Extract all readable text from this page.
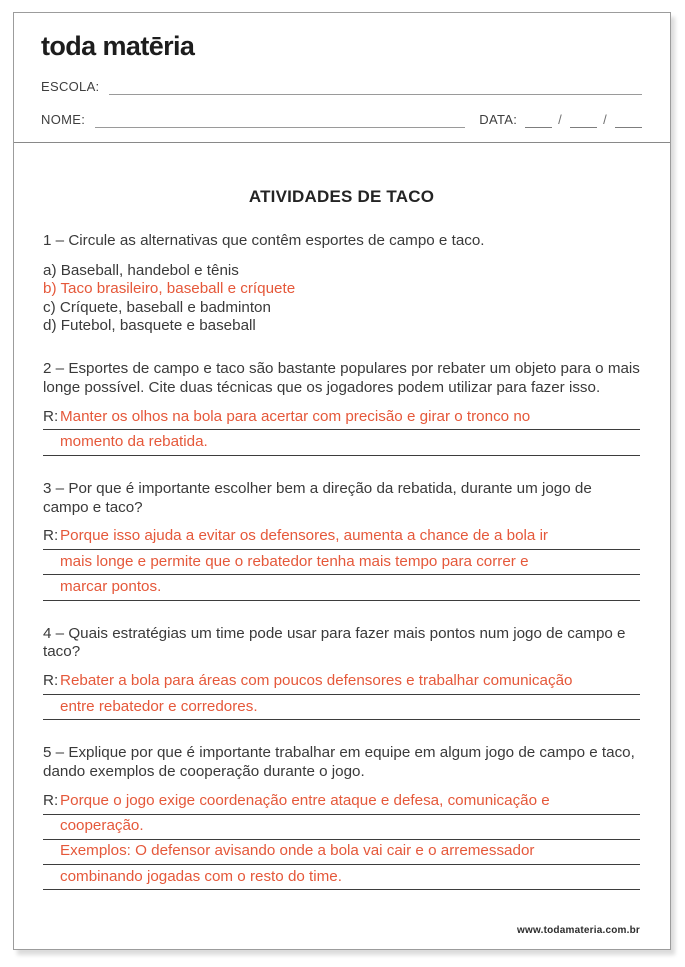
toda matēria
ESCOLA:
NOME:	DATA:	/	/
ATIVIDADES DE TACO
1 – Circule as alternativas que contêm esportes de campo e taco.
a) Baseball, handebol e tênis
b) Taco brasileiro, baseball e críquete
c) Críquete, baseball e badminton
d) Futebol, basquete e baseball
2 – Esportes de campo e taco são bastante populares por rebater um objeto para o mais longe possível. Cite duas técnicas que os jogadores podem utilizar para fazer isso.
R: Manter os olhos na bola para acertar com precisão e girar o tronco no
momento da rebatida.
3 – Por que é importante escolher bem a direção da rebatida, durante um jogo de campo e taco?
R: Porque isso ajuda a evitar os defensores, aumenta a chance de a bola ir
mais longe e permite que o rebatedor tenha mais tempo para correr e
marcar pontos.
4 – Quais estratégias um time pode usar para fazer mais pontos num jogo de campo e taco?
R: Rebater a bola para áreas com poucos defensores e trabalhar comunicação
entre rebatedor e corredores.
5 – Explique por que é importante trabalhar em equipe em algum jogo de campo e taco, dando exemplos de cooperação durante o jogo.
R: Porque o jogo exige coordenação entre ataque e defesa, comunicação e
cooperação.
Exemplos: O defensor avisando onde a bola vai cair e o arremessador
combinando jogadas com o resto do time.
www.todamateria.com.br
